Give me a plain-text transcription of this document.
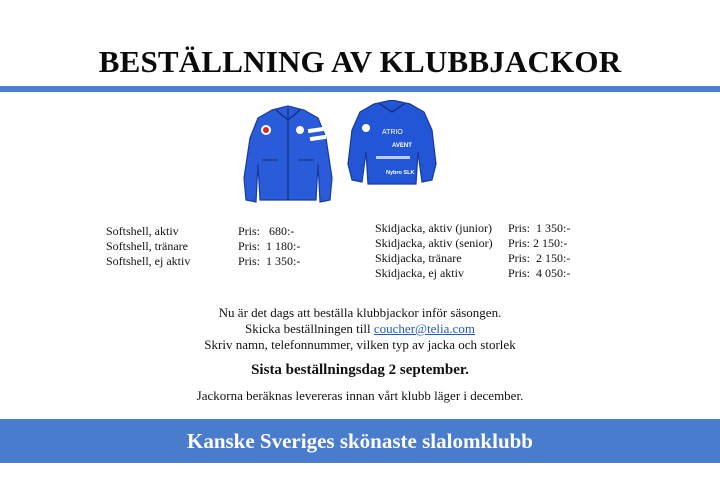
BESTÄLLNING AV KLUBBJACKOR
ATRIO
AVENT
Nybro SLK
Softshell, aktiv	Pris:   680:-
Softshell, tränare	Pris:  1 180:-
Softshell, ej aktiv	Pris:  1 350:-
Skidjacka, aktiv (junior)	Pris:  1 350:-
Skidjacka, aktiv (senior)	Pris: 2 150:-
Skidjacka, tränare	Pris:  2 150:-
Skidjacka, ej aktiv	Pris:  4 050:-
Nu är det dags att beställa klubbjackor inför säsongen.
Skicka beställningen till coucher@telia.com
Skriv namn, telefonnummer, vilken typ av jacka och storlek
Sista beställningsdag 2 september.
Jackorna beräknas levereras innan vårt klubb läger i december.
Kanske Sveriges skönaste slalomklubb
